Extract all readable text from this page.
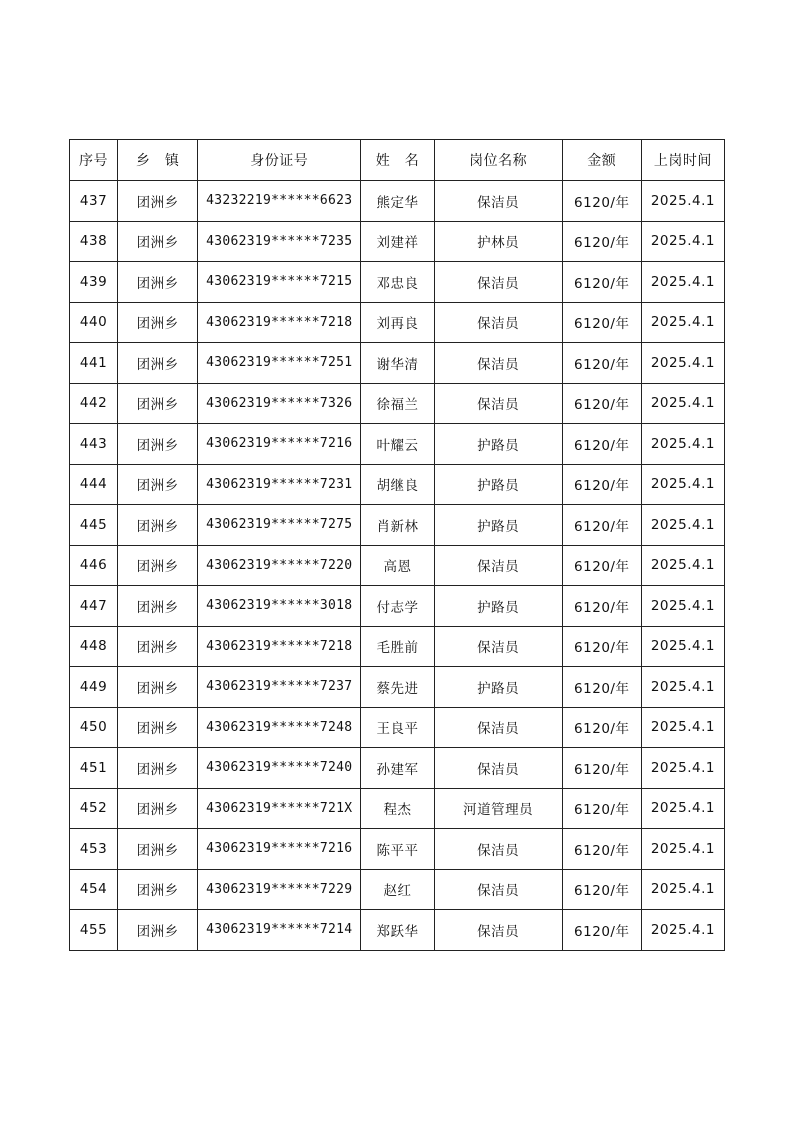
序号	乡　镇	身份证号	姓　名	岗位名称	金额	上岗时间
437	团洲乡	43232219******6623	熊定华	保洁员	6120/年	2025.4.1
438	团洲乡	43062319******7235	刘建祥	护林员	6120/年	2025.4.1
439	团洲乡	43062319******7215	邓忠良	保洁员	6120/年	2025.4.1
440	团洲乡	43062319******7218	刘再良	保洁员	6120/年	2025.4.1
441	团洲乡	43062319******7251	谢华清	保洁员	6120/年	2025.4.1
442	团洲乡	43062319******7326	徐福兰	保洁员	6120/年	2025.4.1
443	团洲乡	43062319******7216	叶耀云	护路员	6120/年	2025.4.1
444	团洲乡	43062319******7231	胡继良	护路员	6120/年	2025.4.1
445	团洲乡	43062319******7275	肖新林	护路员	6120/年	2025.4.1
446	团洲乡	43062319******7220	高恩	保洁员	6120/年	2025.4.1
447	团洲乡	43062319******3018	付志学	护路员	6120/年	2025.4.1
448	团洲乡	43062319******7218	毛胜前	保洁员	6120/年	2025.4.1
449	团洲乡	43062319******7237	蔡先进	护路员	6120/年	2025.4.1
450	团洲乡	43062319******7248	王良平	保洁员	6120/年	2025.4.1
451	团洲乡	43062319******7240	孙建军	保洁员	6120/年	2025.4.1
452	团洲乡	43062319******721X	程杰	河道管理员	6120/年	2025.4.1
453	团洲乡	43062319******7216	陈平平	保洁员	6120/年	2025.4.1
454	团洲乡	43062319******7229	赵红	保洁员	6120/年	2025.4.1
455	团洲乡	43062319******7214	郑跃华	保洁员	6120/年	2025.4.1
